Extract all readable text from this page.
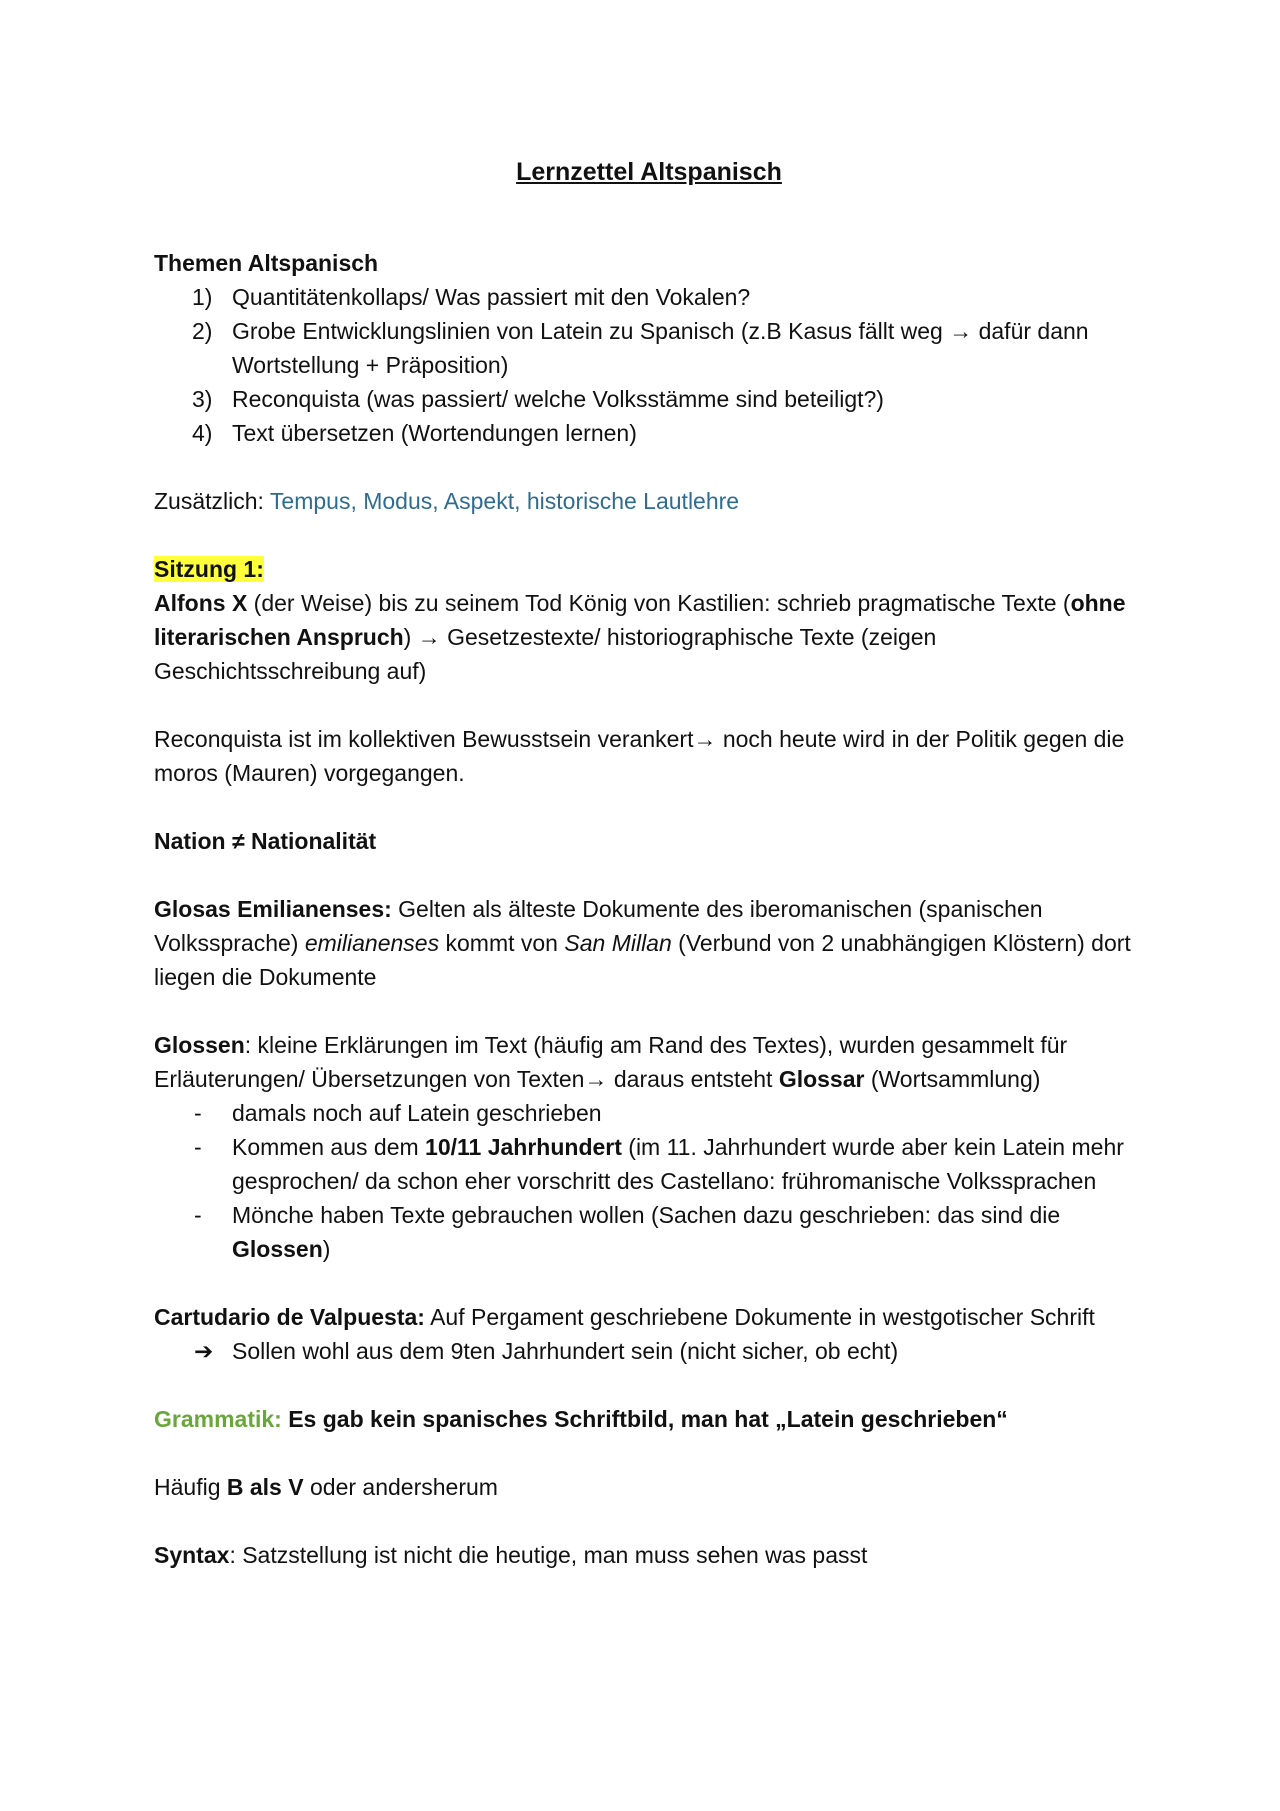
Lernzettel Altspanisch

Themen Altspanisch

1) Quantitätenkollaps/ Was passiert mit den Vokalen?
2) Grobe Entwicklungslinien von Latein zu Spanisch (z.B Kasus fällt weg → dafür dann Wortstellung + Präposition)
3) Reconquista (was passiert/ welche Volksstämme sind beteiligt?)
4) Text übersetzen (Wortendungen lernen)

Zusätzlich: Tempus, Modus, Aspekt, historische Lautlehre

Sitzung 1:

Alfons X (der Weise) bis zu seinem Tod König von Kastilien: schrieb pragmatische Texte (ohne literarischen Anspruch) → Gesetzestexte/ historiographische Texte (zeigen Geschichtsschreibung auf)

Reconquista ist im kollektiven Bewusstsein verankert→ noch heute wird in der Politik gegen die moros (Mauren) vorgegangen.

Nation ≠ Nationalität

Glosas Emilianenses: Gelten als älteste Dokumente des iberomanischen (spanischen Volkssprache) emilianenses kommt von San Millan (Verbund von 2 unabhängigen Klöstern) dort liegen die Dokumente

Glossen: kleine Erklärungen im Text (häufig am Rand des Textes), wurden gesammelt für Erläuterungen/ Übersetzungen von Texten→ daraus entsteht Glossar (Wortsammlung)

- damals noch auf Latein geschrieben
- Kommen aus dem 10/11 Jahrhundert (im 11. Jahrhundert wurde aber kein Latein mehr gesprochen/ da schon eher vorschritt des Castellano: frühromanische Volkssprachen
- Mönche haben Texte gebrauchen wollen (Sachen dazu geschrieben: das sind die Glossen)

Cartudario de Valpuesta: Auf Pergament geschriebene Dokumente in westgotischer Schrift

➔ Sollen wohl aus dem 9ten Jahrhundert sein (nicht sicher, ob echt)

Grammatik: Es gab kein spanisches Schriftbild, man hat „Latein geschrieben“

Häufig B als V oder andersherum

Syntax: Satzstellung ist nicht die heutige, man muss sehen was passt
